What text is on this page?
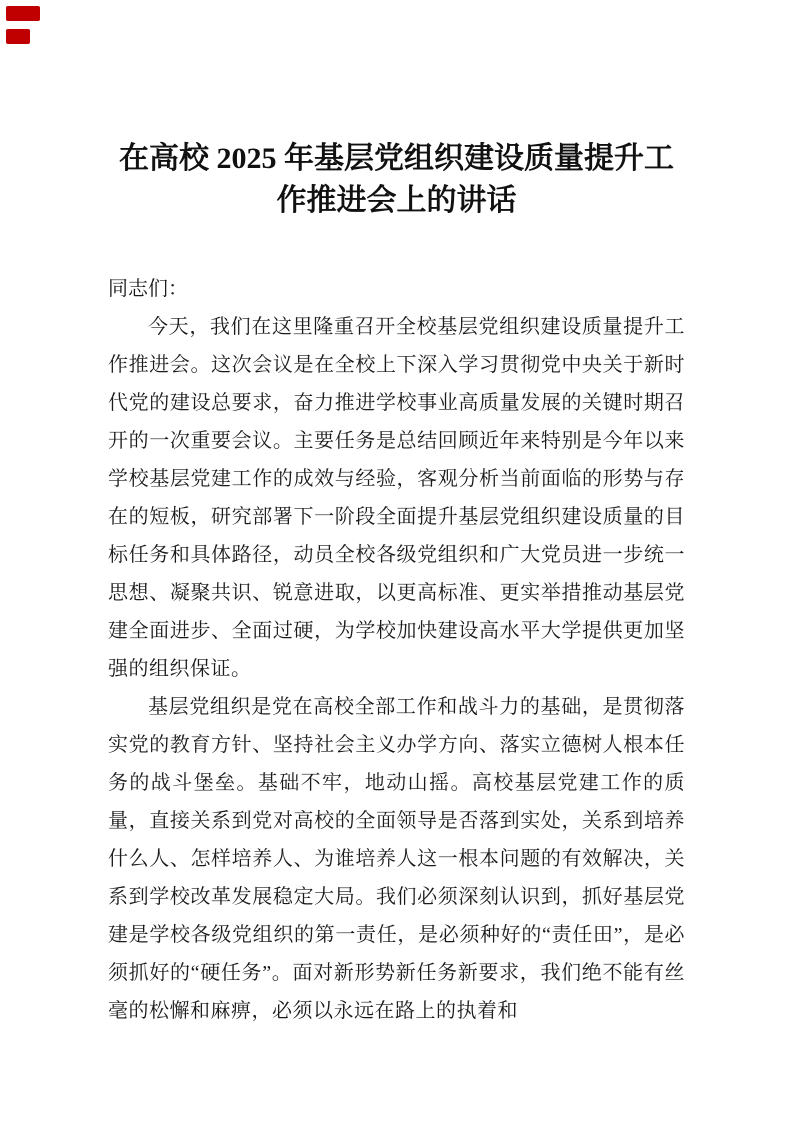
在高校 2025 年基层党组织建设质量提升工作推进会上的讲话

同志们：

今天，我们在这里隆重召开全校基层党组织建设质量提升工作推进会。这次会议是在全校上下深入学习贯彻党中央关于新时代党的建设总要求，奋力推进学校事业高质量发展的关键时期召开的一次重要会议。主要任务是总结回顾近年来特别是今年以来学校基层党建工作的成效与经验，客观分析当前面临的形势与存在的短板，研究部署下一阶段全面提升基层党组织建设质量的目标任务和具体路径，动员全校各级党组织和广大党员进一步统一思想、凝聚共识、锐意进取，以更高标准、更实举措推动基层党建全面进步、全面过硬，为学校加快建设高水平大学提供更加坚强的组织保证。

基层党组织是党在高校全部工作和战斗力的基础，是贯彻落实党的教育方针、坚持社会主义办学方向、落实立德树人根本任务的战斗堡垒。基础不牢，地动山摇。高校基层党建工作的质量，直接关系到党对高校的全面领导是否落到实处，关系到培养什么人、怎样培养人、为谁培养人这一根本问题的有效解决，关系到学校改革发展稳定大局。我们必须深刻认识到，抓好基层党建是学校各级党组织的第一责任，是必须种好的“责任田”，是必须抓好的“硬任务”。面对新形势新任务新要求，我们绝不能有丝毫的松懈和麻痹，必须以永远在路上的执着和
